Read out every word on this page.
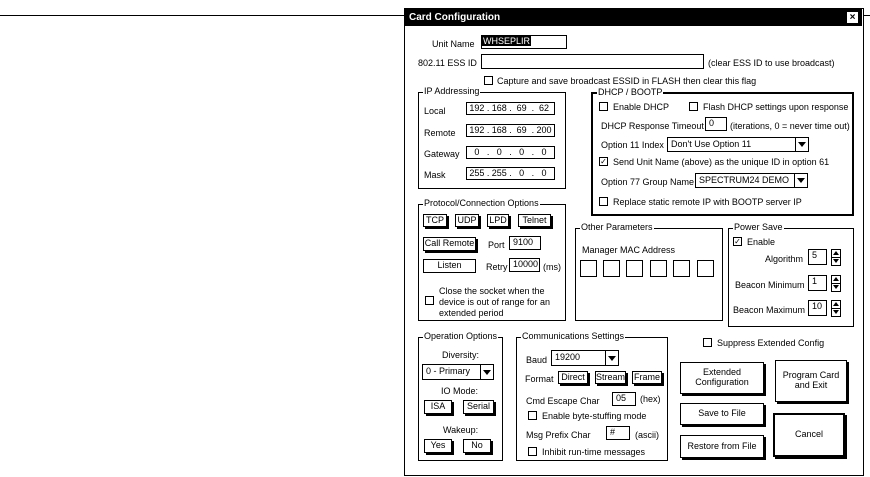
Card Configuration	×
Unit Name WHSEPLIR
802.11 ESS ID	(clear ESS ID to use broadcast)
Capture and save broadcast ESSID in FLASH then clear this flag
IP Addressing
Local	192 . 168 . 69 . 62
Remote 192 . 168 . 69 . 200
Gateway	0 . 0 . 0 . 0
Mask	255 . 255 . 0 . 0
DHCP / BOOTP
Enable DHCP	Flash DHCP settings upon response
DHCP Response Timeout 0	(iterations, 0 = never time out)
Option 11 Index Don't Use Option 11
✓ Send Unit Name (above) as the unique ID in option 61
Option 77 Group Name SPECTRUM24 DEMO
Replace static remote IP with BOOTP server IP
Protocol/Connection Options
TCP	UDP LPD	Telnet
Call Remote Port 9100
Listen	Retry 10000 (ms)
Close the socket when the
device is out of range for an
extended period
Other Parameters
Manager MAC Address
Power Save
✓ Enable
Algorithm 5
Beacon Minimum 1
Beacon Maximum 10
Operation Options
Diversity:
0 - Primary
IO Mode:
ISA	Serial
Wakeup:
Yes	No
Communications Settings
Baud 19200
Format Direct	Stream Frame
Cmd Escape Char	05	(hex)
Enable byte-stuffing mode
Msg Prefix Char	#	(ascii)
Inhibit run-time messages
Suppress Extended Config
Extended
Configuration
Program Card
and Exit
Save to File
Restore from File
Cancel
